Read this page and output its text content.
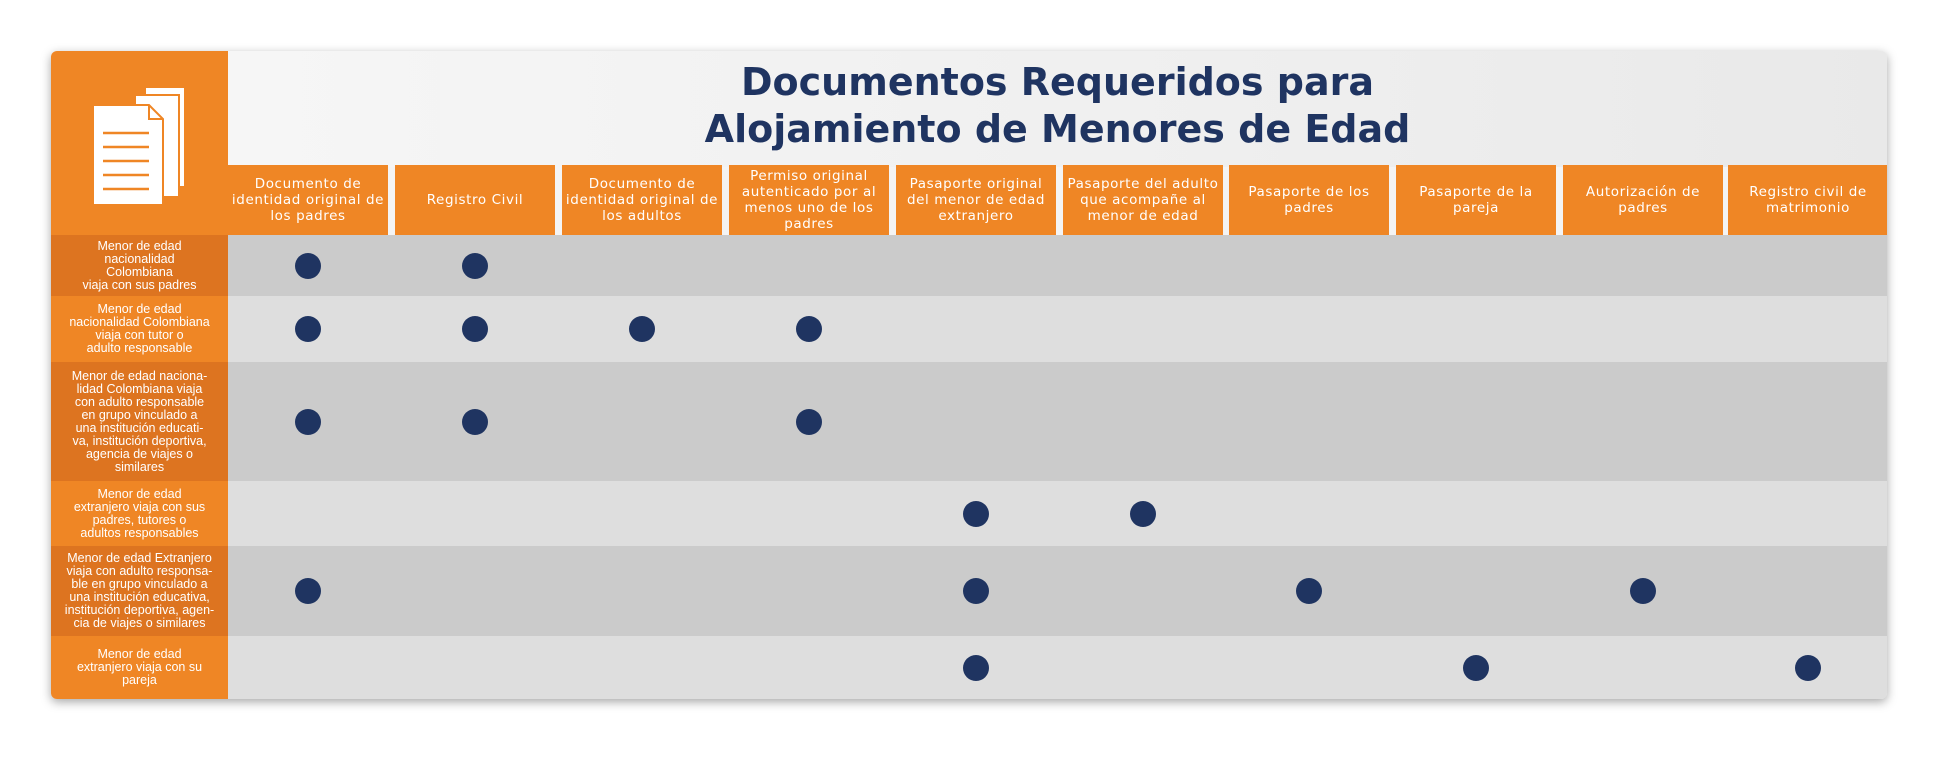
Documentos Requeridos para
Alojamiento de Menores de Edad
Menor de edad
nacionalidad
Colombiana
viaja con sus padres
Menor de edad
nacionalidad Colombiana
viaja con tutor o
adulto responsable
Menor de edad naciona-
lidad Colombiana viaja
con adulto responsable
en grupo vinculado a
una institución educati-
va, institución deportiva,
agencia de viajes o
similares
Menor de edad
extranjero viaja con sus
padres, tutores o
adultos responsables
Menor de edad Extranjero
viaja con adulto responsa-
ble en grupo vinculado a
una institución educativa,
institución deportiva, agen-
cia de viajes o similares
Menor de edad
extranjero viaja con su
pareja
Documento de identidad original de los padres
Registro Civil
Documento de identidad original de los adultos
Permiso original autenticado por al menos uno de los padres
Pasaporte original del menor de edad extranjero
Pasaporte del adulto que acompañe al menor de edad
Pasaporte de los padres
Pasaporte de la pareja
Autorización de padres
Registro civil de matrimonio
